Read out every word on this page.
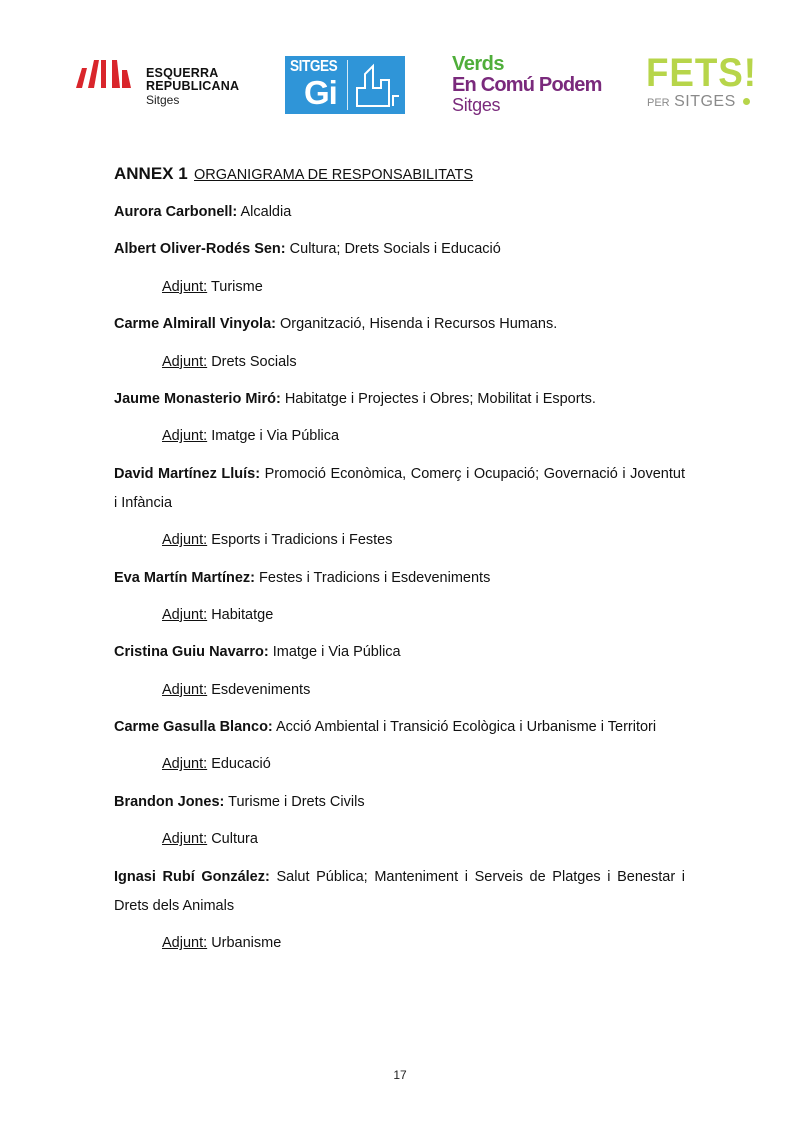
ESQUERRA
REPUBLICANA
Sitges
SITGES
Gi
Verds
En Comú Podem
Sitges
FETS!
PER SITGES

ANNEX 1 ORGANIGRAMA DE RESPONSABILITATS

Aurora Carbonell: Alcaldia

Albert Oliver-Rodés Sen: Cultura; Drets Socials i Educació

Adjunt: Turisme

Carme Almirall Vinyola: Organització, Hisenda i Recursos Humans.

Adjunt: Drets Socials

Jaume Monasterio Miró: Habitatge i Projectes i Obres; Mobilitat i Esports.

Adjunt: Imatge i Via Pública

David Martínez Lluís: Promoció Econòmica, Comerç i Ocupació; Governació i Joventut i Infància

Adjunt: Esports i Tradicions i Festes

Eva Martín Martínez: Festes i Tradicions i Esdeveniments

Adjunt: Habitatge

Cristina Guiu Navarro: Imatge i Via Pública

Adjunt: Esdeveniments

Carme Gasulla Blanco: Acció Ambiental i Transició Ecològica i Urbanisme i Territori

Adjunt: Educació

Brandon Jones: Turisme i Drets Civils

Adjunt: Cultura

Ignasi Rubí González: Salut Pública; Manteniment i Serveis de Platges i Benestar i Drets dels Animals

Adjunt: Urbanisme

17
